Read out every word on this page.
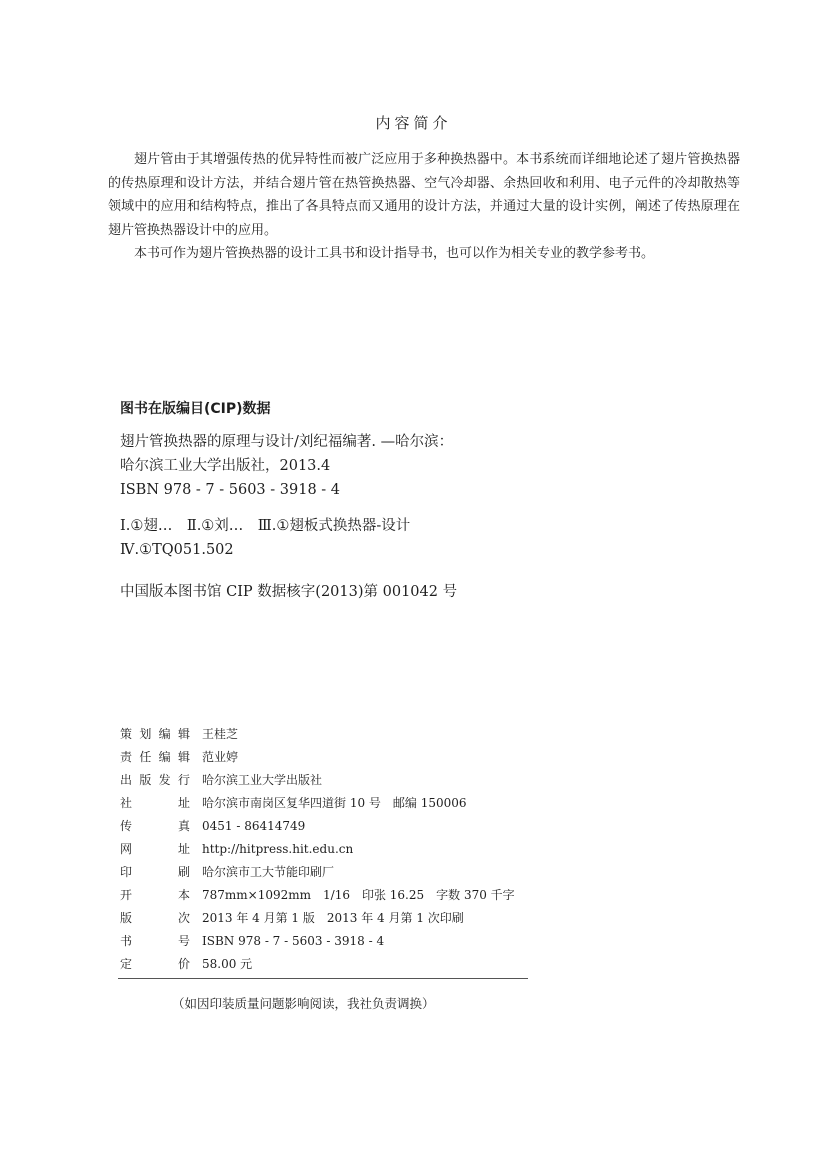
内容简介

翅片管由于其增强传热的优异特性而被广泛应用于多种换热器中。本书系统而详细地论述了翅片管换热器的传热原理和设计方法，并结合翅片管在热管换热器、空气冷却器、余热回收和利用、电子元件的冷却散热等领域中的应用和结构特点，推出了各具特点而又通用的设计方法，并通过大量的设计实例，阐述了传热原理在翅片管换热器设计中的应用。

本书可作为翅片管换热器的设计工具书和设计指导书，也可以作为相关专业的教学参考书。

图书在版编目(CIP)数据
翅片管换热器的原理与设计/刘纪福编著. —哈尔滨：
哈尔滨工业大学出版社，2013.4
ISBN 978 - 7 - 5603 - 3918 - 4
Ⅰ.①翅…　Ⅱ.①刘…　Ⅲ.①翅板式换热器-设计
Ⅳ.①TQ051.502
中国版本图书馆 CIP 数据核字(2013)第 001042 号
策划编辑	王桂芝
责任编辑	范业婷
出版发行	哈尔滨工业大学出版社
社　　址	哈尔滨市南岗区复华四道街 10 号　邮编 150006
传　　真	0451 - 86414749
网　　址	http://hitpress.hit.edu.cn
印　　刷	哈尔滨市工大节能印刷厂
开　　本	787mm×1092mm　1/16　印张 16.25　字数 370 千字
版　　次	2013 年 4 月第 1 版　2013 年 4 月第 1 次印刷
书　　号	ISBN 978 - 7 - 5603 - 3918 - 4
定　　价	58.00 元
（如因印装质量问题影响阅读，我社负责调换）
